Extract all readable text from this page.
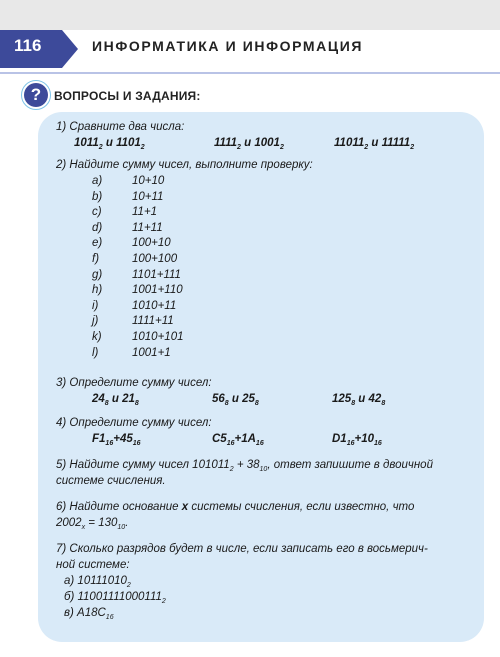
116	ИНФОРМАТИКА И ИНФОРМАЦИЯ
?	ВОПРОСЫ И ЗАДАНИЯ:
1) Сравните два числа:
$1011_2$ и $1101_2$	$1111_2$ и $1001_2$	$11011_2$ и $11111_2$
2) Найдите сумму чисел, выполните проверку:
a)	10+10
b)	10+11
c)	11+1
d)	11+11
e)	100+10
f)	100+100
g)	1101+111
h)	1001+110
i)	1010+11
j)	1111+11
k)	1010+101
l)	1001+1
3) Определите сумму чисел:
$24_8$ и $21_8$	$56_8$ и $25_8$	$125_8$ и $42_8$
4) Определите сумму чисел:
$F1_{16}+45_{16}$	$C5_{16}+1A_{16}$	$D1_{16}+10_{16}$
5) Найдите сумму чисел $101011_2 + 38_{10}$, ответ запишите в двоичной
системе счисления.
6) Найдите основание х системы счисления, если известно, что
$2002_x = 130_{10}$.
7) Сколько разрядов будет в числе, если записать его в восьмерич-
ной системе:
а) $10111010_2$
б) $11001111000111_2$
в) $A18C_{16}$
